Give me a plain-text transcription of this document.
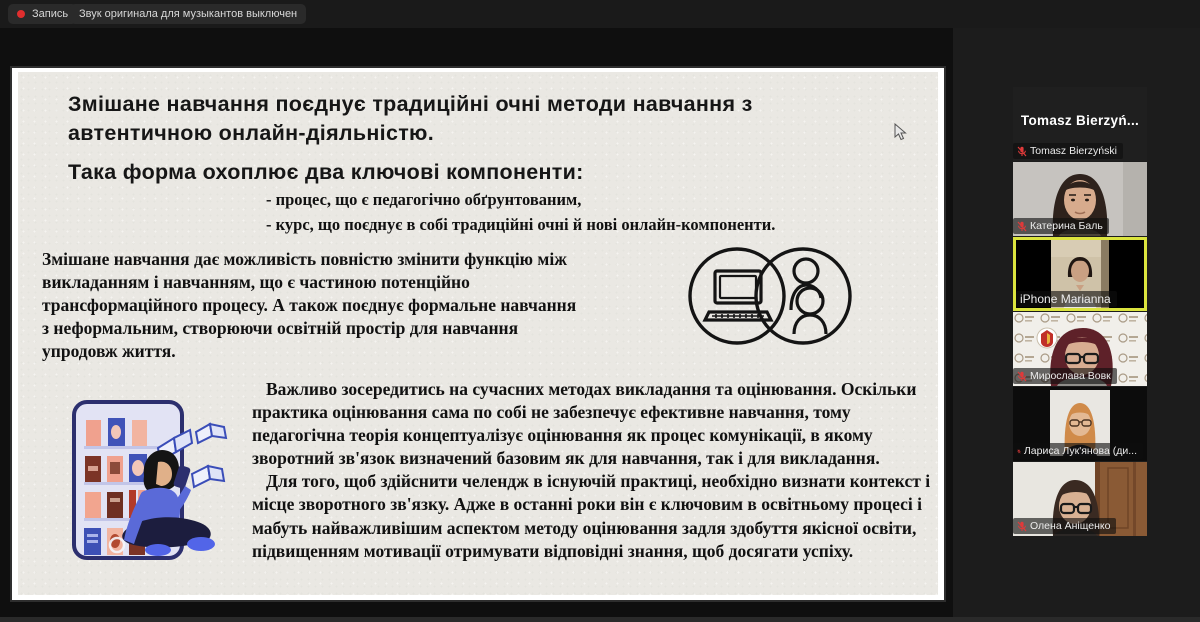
Запись Звук оригинала для музыкантов выключен
Змішане навчання поєднує традиційні очні методи навчання з автентичною онлайн-діяльністю.
Така форма охоплює два ключові компоненти:
- процес, що є педагогічно обґрунтованим,
- курс, що поєднує в собі традиційні очні й нові онлайн-компоненти.
Змішане навчання дає можливість повністю змінити функцію між викладанням і навчанням, що є частиною потенційно трансформаційного процесу. А також поєднує формальне навчання з неформальним, створюючи освітній простір для навчання упродовж життя.

Важливо зосередитись на сучасних методах викладання та оцінювання. Оскільки практика оцінювання сама по собі не забезпечує ефективне навчання, тому педагогічна теорія концептуалізує оцінювання як процес комунікації, в якому зворотний зв'язок визначений базовим як для навчання, так і для викладання.

Для того, щоб здійснити челендж в існуючій практиці, необхідно визнати контекст і місце зворотного зв'язку. Адже в останні роки він є ключовим в освітньому процесі і мабуть найважливішим аспектом методу оцінювання задля здобуття якісної освіти, підвищенням мотивації отримувати відповідні знання, щоб досягати успіху.

Tomasz Bierzyń...
Tomasz Bierzyński
Катерина Баль
iPhone Marianna
Мирослава Вовк
Лариса Лук'янова (ди...
Олена Аніщенко
